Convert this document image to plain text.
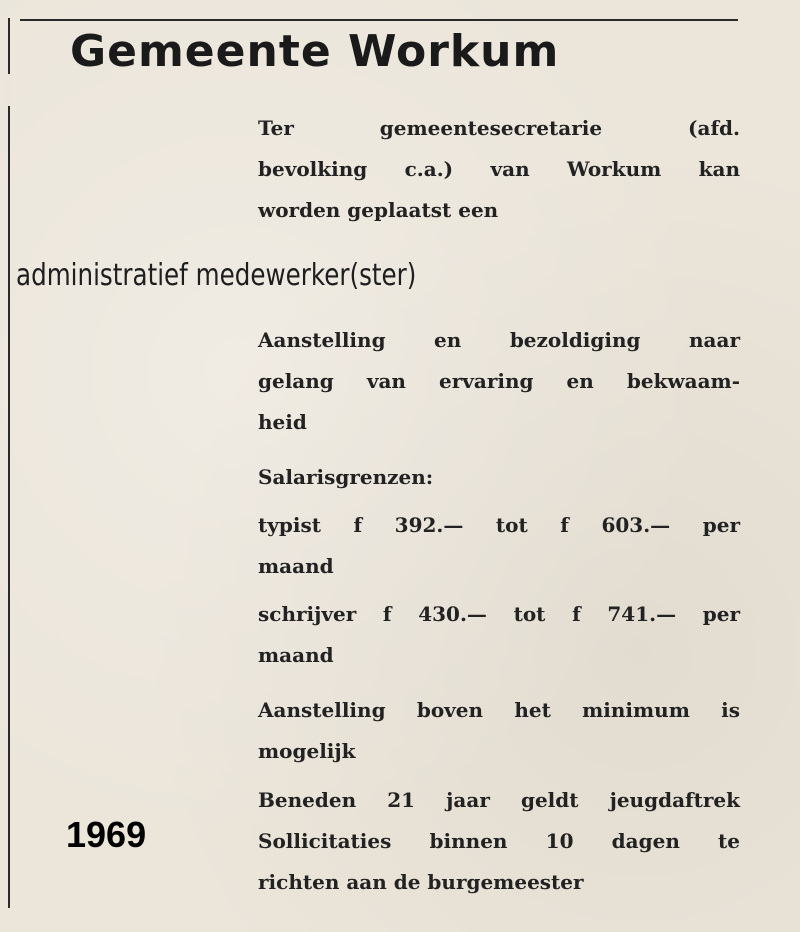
Gemeente Workum

Ter gemeentesecretarie (afd.
bevolking c.a.) van Workum kan
worden geplaatst een

administratief medewerker(ster)

Aanstelling en bezoldiging naar
gelang van ervaring en bekwaam-
heid

Salarisgrenzen:

typist f 392.— tot f 603.— per
maand

schrijver f 430.— tot f 741.— per
maand

Aanstelling boven het minimum is
mogelijk

Beneden 21 jaar geldt jeugdaftrek
Sollicitaties binnen 10 dagen te
richten aan de burgemeester

1969
